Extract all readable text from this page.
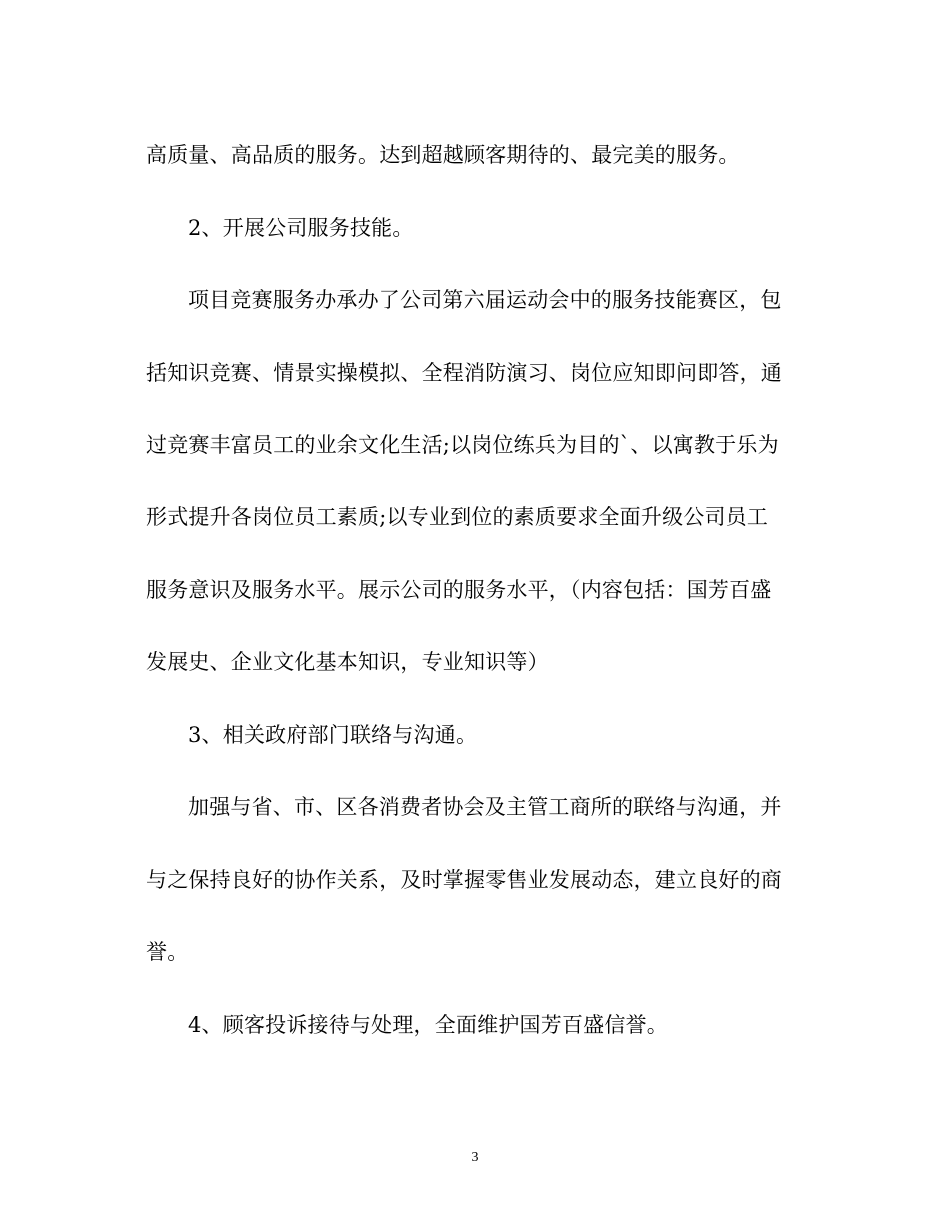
高质量、高品质的服务。达到超越顾客期待的、最完美的服务。
2、开展公司服务技能。
项目竞赛服务办承办了公司第六届运动会中的服务技能赛区，包
括知识竞赛、情景实操模拟、全程消防演习、岗位应知即问即答，通
过竞赛丰富员工的业余文化生活;以岗位练兵为目的`、以寓教于乐为
形式提升各岗位员工素质;以专业到位的素质要求全面升级公司员工
服务意识及服务水平。展示公司的服务水平，（内容包括：国芳百盛
发展史、企业文化基本知识，专业知识等）
3、相关政府部门联络与沟通。
加强与省、市、区各消费者协会及主管工商所的联络与沟通，并
与之保持良好的协作关系，及时掌握零售业发展动态，建立良好的商
誉。
4、顾客投诉接待与处理，全面维护国芳百盛信誉。
3
